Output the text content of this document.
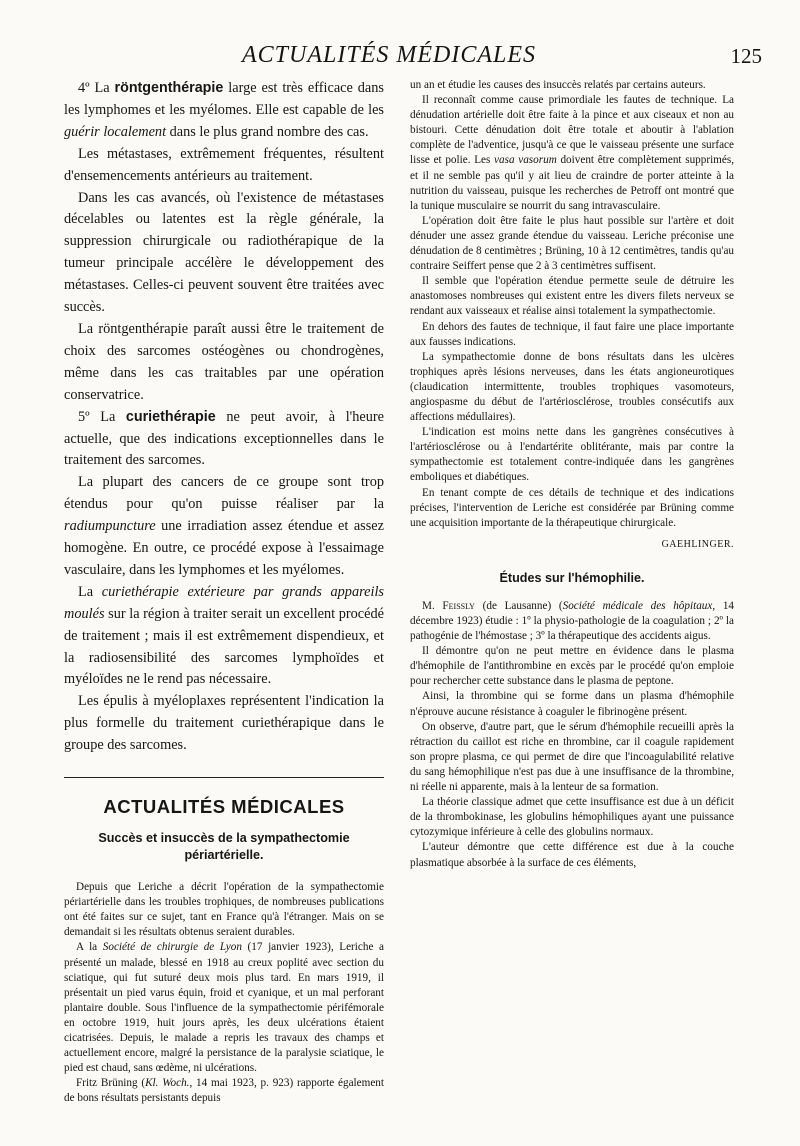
ACTUALITÉS MÉDICALES	125

4º La röntgenthérapie large est très efficace dans les lymphomes et les myélomes. Elle est capable de les guérir localement dans le plus grand nombre des cas.

Les métastases, extrêmement fréquentes, résultent d'ensemencements antérieurs au traitement.

Dans les cas avancés, où l'existence de métastases décelables ou latentes est la règle générale, la suppression chirurgicale ou radiothérapique de la tumeur principale accélère le développement des métastases. Celles-ci peuvent souvent être traitées avec succès.

La röntgenthérapie paraît aussi être le traitement de choix des sarcomes ostéogènes ou chondrogènes, même dans les cas traitables par une opération conservatrice.

5º La curiethérapie ne peut avoir, à l'heure actuelle, que des indications exceptionnelles dans le traitement des sarcomes.

La plupart des cancers de ce groupe sont trop étendus pour qu'on puisse réaliser par la radiumpuncture une irradiation assez étendue et assez homogène. En outre, ce procédé expose à l'essaimage vasculaire, dans les lymphomes et les myélomes.

La curiethérapie extérieure par grands appareils moulés sur la région à traiter serait un excellent procédé de traitement ; mais il est extrêmement dispendieux, et la radiosensibilité des sarcomes lymphoïdes et myéloïdes ne le rend pas nécessaire.

Les épulis à myéloplaxes représentent l'indication la plus formelle du traitement curiethérapique dans le groupe des sarcomes.

ACTUALITÉS MÉDICALES
Succès et insuccès de la sympathectomie périartérielle.

Depuis que Leriche a décrit l'opération de la sympathectomie périartérielle dans les troubles trophiques, de nombreuses publications ont été faites sur ce sujet, tant en France qu'à l'étranger. Mais on se demandait si les résultats obtenus seraient durables.

A la Société de chirurgie de Lyon (17 janvier 1923), Leriche a présenté un malade, blessé en 1918 au creux poplité avec section du sciatique, qui fut suturé deux mois plus tard. En mars 1919, il présentait un pied varus équin, froid et cyanique, et un mal perforant plantaire double. Sous l'influence de la sympathectomie périfémorale en octobre 1919, huit jours après, les deux ulcérations étaient cicatrisées. Depuis, le malade a repris les travaux des champs et actuellement encore, malgré la persistance de la paralysie sciatique, le pied est chaud, sans œdème, ni ulcérations.

Fritz Brüning (Kl. Woch., 14 mai 1923, p. 923) rapporte également de bons résultats persistants depuis

un an et étudie les causes des insuccès relatés par certains auteurs.

Il reconnaît comme cause primordiale les fautes de technique. La dénudation artérielle doit être faite à la pince et aux ciseaux et non au bistouri. Cette dénudation doit être totale et aboutir à l'ablation complète de l'adventice, jusqu'à ce que le vaisseau présente une surface lisse et polie. Les vasa vasorum doivent être complètement supprimés, et il ne semble pas qu'il y ait lieu de craindre de porter atteinte à la nutrition du vaisseau, puisque les recherches de Petroff ont montré que la tunique musculaire se nourrit du sang intravasculaire.

L'opération doit être faite le plus haut possible sur l'artère et doit dénuder une assez grande étendue du vaisseau. Leriche préconise une dénudation de 8 centimètres ; Brüning, 10 à 12 centimètres, tandis qu'au contraire Seiffert pense que 2 à 3 centimètres suffisent.

Il semble que l'opération étendue permette seule de détruire les anastomoses nombreuses qui existent entre les divers filets nerveux se rendant aux vaisseaux et réalise ainsi totalement la sympathectomie.

En dehors des fautes de technique, il faut faire une place importante aux fausses indications.

La sympathectomie donne de bons résultats dans les ulcères trophiques après lésions nerveuses, dans les états angioneurotiques (claudication intermittente, troubles trophiques vasomoteurs, angiospasme du début de l'artériosclérose, troubles consécutifs aux affections médullaires).

L'indication est moins nette dans les gangrènes consécutives à l'artériosclérose ou à l'endartérite oblitérante, mais par contre la sympathectomie est totalement contre-indiquée dans les gangrènes emboliques et diabétiques.

En tenant compte de ces détails de technique et des indications précises, l'intervention de Leriche est considérée par Brüning comme une acquisition importante de la thérapeutique chirurgicale.

GAEHLINGER.

Études sur l'hémophilie.

M. Feissly (de Lausanne) (Société médicale des hôpitaux, 14 décembre 1923) étudie : 1º la physio-pathologie de la coagulation ; 2º la pathogénie de l'hémostase ; 3º la thérapeutique des accidents aigus.

Il démontre qu'on ne peut mettre en évidence dans le plasma d'hémophile de l'antithrombine en excès par le procédé qu'on emploie pour rechercher cette substance dans le plasma de peptone.

Ainsi, la thrombine qui se forme dans un plasma d'hémophile n'éprouve aucune résistance à coaguler le fibrinogène présent.

On observe, d'autre part, que le sérum d'hémophile recueilli après la rétraction du caillot est riche en thrombine, car il coagule rapidement son propre plasma, ce qui permet de dire que l'incoagulabilité relative du sang hémophilique n'est pas due à une insuffisance de la thrombine, ni réelle ni apparente, mais à la lenteur de sa formation.

La théorie classique admet que cette insuffisance est due à un déficit de la thrombokinase, les globulins hémophiliques ayant une puissance cytozymique inférieure à celle des globulins normaux.

L'auteur démontre que cette différence est due à la couche plasmatique absorbée à la surface de ces éléments,
